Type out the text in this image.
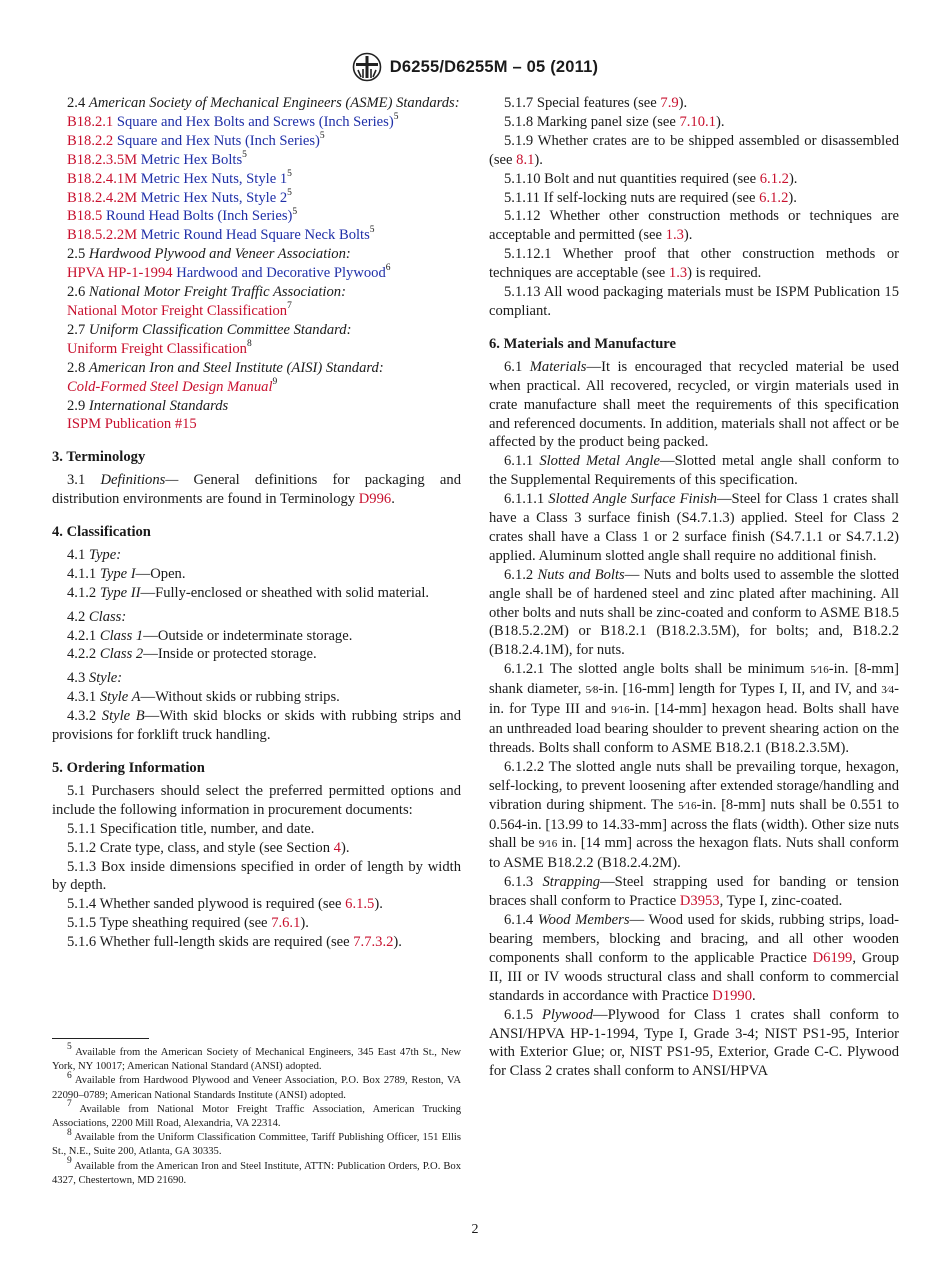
D6255/D6255M – 05 (2011)

2.4 American Society of Mechanical Engineers (ASME) Standards:

B18.2.1 Square and Hex Bolts and Screws (Inch Series)$^5$
B18.2.2 Square and Hex Nuts (Inch Series)$^5$
B18.2.3.5M Metric Hex Bolts$^5$
B18.2.4.1M Metric Hex Nuts, Style $1^5$
B18.2.4.2M Metric Hex Nuts, Style $2^5$
B18.5 Round Head Bolts (Inch Series)$^5$
B18.5.2.2M Metric Round Head Square Neck Bolts$^5$

2.5 Hardwood Plywood and Veneer Association:

HPVA HP-1-1994 Hardwood and Decorative Plywood$^6$

2.6 National Motor Freight Traffic Association:

National Motor Freight Classification$^7$

2.7 Uniform Classification Committee Standard:

Uniform Freight Classification$^8$

2.8 American Iron and Steel Institute (AISI) Standard:

Cold-Formed Steel Design Manual$^9$

2.9 International Standards

ISPM Publication #15
3. Terminology

3.1 Definitions— General definitions for packaging and distribution environments are found in Terminology D996.

4. Classification

4.1 Type:

4.1.1 Type I—Open.

4.1.2 Type II—Fully-enclosed or sheathed with solid material.

4.2 Class:

4.2.1 Class 1—Outside or indeterminate storage.

4.2.2 Class 2—Inside or protected storage.

4.3 Style:

4.3.1 Style A—Without skids or rubbing strips.

4.3.2 Style B—With skid blocks or skids with rubbing strips and provisions for forklift truck handling.

5. Ordering Information

5.1 Purchasers should select the preferred permitted options and include the following information in procurement documents:

5.1.1 Specification title, number, and date.

5.1.2 Crate type, class, and style (see Section 4).

5.1.3 Box inside dimensions specified in order of length by width by depth.

5.1.4 Whether sanded plywood is required (see 6.1.5).

5.1.5 Type sheathing required (see 7.6.1).

5.1.6 Whether full-length skids are required (see 7.7.3.2).

$^5$ Available from the American Society of Mechanical Engineers, 345 East 47th St., New York, NY 10017; American National Standard (ANSI) adopted.

$^6$ Available from Hardwood Plywood and Veneer Association, P.O. Box 2789, Reston, VA 22090–0789; American National Standards Institute (ANSI) adopted.

$^7$ Available from National Motor Freight Traffic Association, American Trucking Associations, 2200 Mill Road, Alexandria, VA 22314.

$^8$ Available from the Uniform Classification Committee, Tariff Publishing Officer, 151 Ellis St., N.E., Suite 200, Atlanta, GA 30335.

$^9$ Available from the American Iron and Steel Institute, ATTN: Publication Orders, P.O. Box 4327, Chestertown, MD 21690.

5.1.7 Special features (see 7.9).

5.1.8 Marking panel size (see 7.10.1).

5.1.9 Whether crates are to be shipped assembled or disassembled (see 8.1).

5.1.10 Bolt and nut quantities required (see 6.1.2).

5.1.11 If self-locking nuts are required (see 6.1.2).

5.1.12 Whether other construction methods or techniques are acceptable and permitted (see 1.3).

5.1.12.1 Whether proof that other construction methods or techniques are acceptable (see 1.3) is required.

5.1.13 All wood packaging materials must be ISPM Publication 15 compliant.

6. Materials and Manufacture

6.1 Materials—It is encouraged that recycled material be used when practical. All recovered, recycled, or virgin materials used in crate manufacture shall meet the requirements of this specification and referenced documents. In addition, materials shall not affect or be affected by the product being packed.

6.1.1 Slotted Metal Angle—Slotted metal angle shall conform to the Supplemental Requirements of this specification.

6.1.1.1 Slotted Angle Surface Finish—Steel for Class 1 crates shall have a Class 3 surface finish (S4.7.1.3) applied. Steel for Class 2 crates shall have a Class 1 or 2 surface finish (S4.7.1.1 or S4.7.1.2) applied. Aluminum slotted angle shall require no additional finish.

6.1.2 Nuts and Bolts— Nuts and bolts used to assemble the slotted angle shall be of hardened steel and zinc plated after machining. All other bolts and nuts shall be zinc-coated and conform to ASME B18.5 (B18.5.2.2M) or B18.2.1 (B18.2.3.5M), for bolts; and, B18.2.2 (B18.2.4.1M), for nuts.

6.1.2.1 The slotted angle bolts shall be minimum 5⁄16-in. [8-mm] shank diameter, 5⁄8-in. [16-mm] length for Types I, II, and IV, and 3⁄4-in. for Type III and 9⁄16-in. [14-mm] hexagon head. Bolts shall have an unthreaded load bearing shoulder to prevent shearing action on the threads. Bolts shall conform to ASME B18.2.1 (B18.2.3.5M).

6.1.2.2 The slotted angle nuts shall be prevailing torque, hexagon, self-locking, to prevent loosening after extended storage/handling and vibration during shipment. The 5⁄16-in. [8-mm] nuts shall be 0.551 to 0.564-in. [13.99 to 14.33-mm] across the flats (width). Other size nuts shall be 9⁄16 in. [14 mm] across the hexagon flats. Nuts shall conform to ASME B18.2.2 (B18.2.4.2M).

6.1.3 Strapping—Steel strapping used for banding or tension braces shall conform to Practice D3953, Type I, zinc-coated.

6.1.4 Wood Members— Wood used for skids, rubbing strips, load-bearing members, blocking and bracing, and all other wooden components shall conform to the applicable Practice D6199, Group II, III or IV woods structural class and shall conform to commercial standards in accordance with Practice D1990.

6.1.5 Plywood—Plywood for Class 1 crates shall conform to ANSI/HPVA HP-1-1994, Type I, Grade 3-4; NIST PS1-95, Interior with Exterior Glue; or, NIST PS1-95, Exterior, Grade C-C. Plywood for Class 2 crates shall conform to ANSI/HPVA

2
